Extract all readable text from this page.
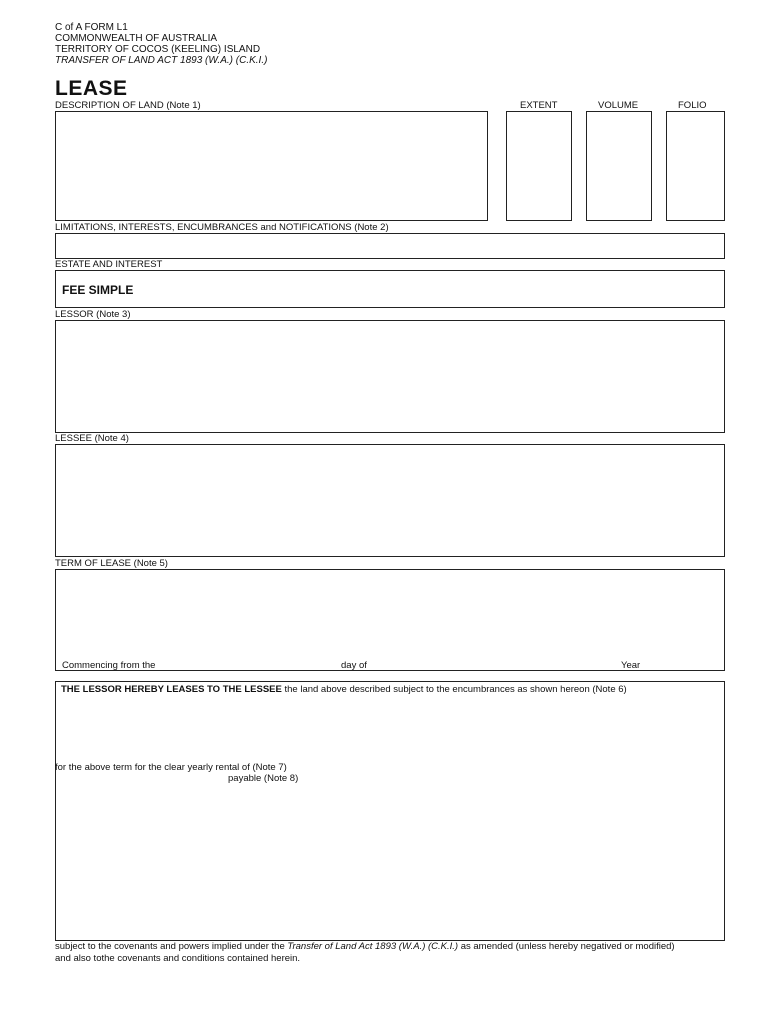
C of A FORM L1
COMMONWEALTH OF AUSTRALIA
TERRITORY OF COCOS (KEELING) ISLAND
TRANSFER OF LAND ACT 1893 (W.A.) (C.K.I.)
LEASE
DESCRIPTION OF LAND (Note 1)	EXTENT	VOLUME	FOLIO
LIMITATIONS, INTERESTS, ENCUMBRANCES and NOTIFICATIONS (Note 2)
ESTATE AND INTEREST
FEE SIMPLE
LESSOR (Note 3)
LESSEE (Note 4)
TERM OF LEASE (Note 5)
Commencing from the	day of	Year
THE LESSOR HEREBY LEASES TO THE LESSEE the land above described subject to the encumbrances as shown hereon (Note 6)
for the above term for the clear yearly rental of (Note 7)
payable (Note 8)
subject to the covenants and powers implied under the Transfer of Land Act 1893 (W.A.) (C.K.I.) as amended (unless hereby negatived or modified)
and also tothe covenants and conditions contained herein.
